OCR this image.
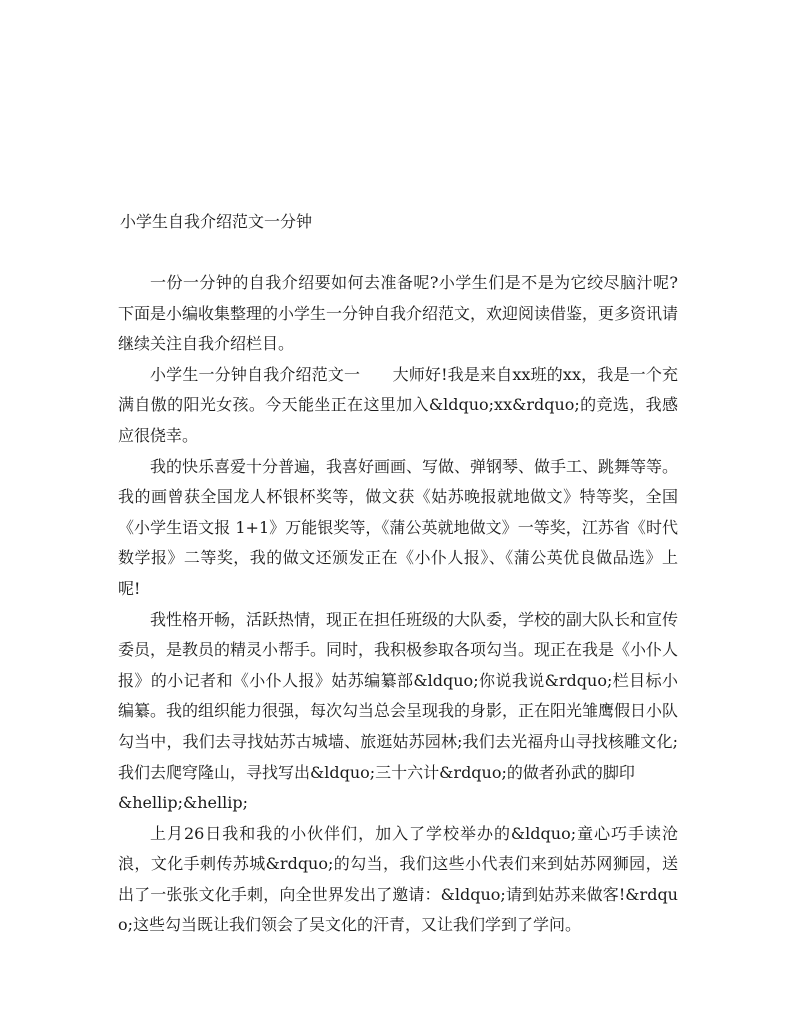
小学生自我介绍范文一分钟

一份一分钟的自我介绍要如何去准备呢?小学生们是不是为它绞尽脑汁呢?下面是小编收集整理的小学生一分钟自我介绍范文，欢迎阅读借鉴，更多资讯请继续关注自我介绍栏目。

小学生一分钟自我介绍范文一　　大师好!我是来自xx班的xx，我是一个充满自傲的阳光女孩。今天能坐正在这里加入&ldquo;xx&rdquo;的竞选，我感应很侥幸。

我的快乐喜爱十分普遍，我喜好画画、写做、弹钢琴、做手工、跳舞等等。我的画曾获全国龙人杯银杯奖等，做文获《姑苏晚报就地做文》特等奖，全国《小学生语文报 1+1》万能银奖等，《蒲公英就地做文》一等奖，江苏省《时代数学报》二等奖，我的做文还颁发正在《小仆人报》、《蒲公英优良做品选》上呢!

我性格开畅，活跃热情，现正在担任班级的大队委，学校的副大队长和宣传委员，是教员的精灵小帮手。同时，我积极参取各项勾当。现正在我是《小仆人报》的小记者和《小仆人报》姑苏编纂部&ldquo;你说我说&rdquo;栏目标小编纂。我的组织能力很强，每次勾当总会呈现我的身影，正在阳光雏鹰假日小队勾当中，我们去寻找姑苏古城墙、旅逛姑苏园林;我们去光福舟山寻找核雕文化;我们去爬穹隆山，寻找写出&ldquo;三十六计&rdquo;的做者孙武的脚印

&hellip;&hellip;

上月26日我和我的小伙伴们，加入了学校举办的&ldquo;童心巧手读沧浪，文化手刺传苏城&rdquo;的勾当，我们这些小代表们来到姑苏网狮园，送出了一张张文化手刺，向全世界发出了邀请：&ldquo;请到姑苏来做客!&rdquo;这些勾当既让我们领会了吴文化的汗青，又让我们学到了学问。
